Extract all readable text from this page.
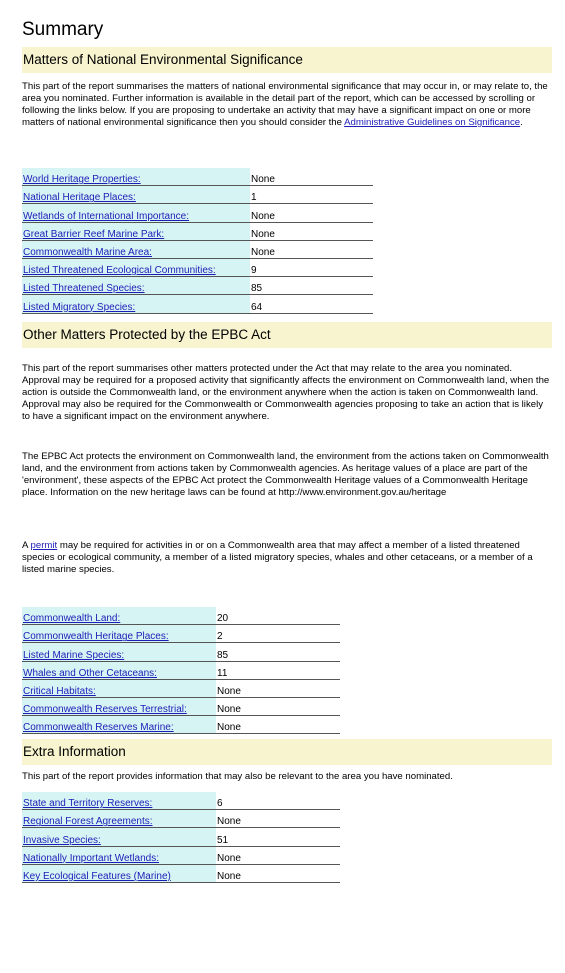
Summary
Matters of National Environmental Significance

This part of the report summarises the matters of national environmental significance that may occur in, or may relate to, the area you nominated. Further information is available in the detail part of the report, which can be accessed by scrolling or following the links below. If you are proposing to undertake an activity that may have a significant impact on one or more matters of national environmental significance then you should consider the Administrative Guidelines on Significance.

World Heritage Properties:	None
National Heritage Places:	1
Wetlands of International Importance:	None
Great Barrier Reef Marine Park:	None
Commonwealth Marine Area:	None
Listed Threatened Ecological Communities:	9
Listed Threatened Species:	85
Listed Migratory Species:	64
Other Matters Protected by the EPBC Act

This part of the report summarises other matters protected under the Act that may relate to the area you nominated. Approval may be required for a proposed activity that significantly affects the environment on Commonwealth land, when the action is outside the Commonwealth land, or the environment anywhere when the action is taken on Commonwealth land. Approval may also be required for the Commonwealth or Commonwealth agencies proposing to take an action that is likely to have a significant impact on the environment anywhere.

The EPBC Act protects the environment on Commonwealth land, the environment from the actions taken on Commonwealth land, and the environment from actions taken by Commonwealth agencies. As heritage values of a place are part of the 'environment', these aspects of the EPBC Act protect the Commonwealth Heritage values of a Commonwealth Heritage place. Information on the new heritage laws can be found at http://www.environment.gov.au/heritage

A permit may be required for activities in or on a Commonwealth area that may affect a member of a listed threatened species or ecological community, a member of a listed migratory species, whales and other cetaceans, or a member of a listed marine species.

Commonwealth Land:	20
Commonwealth Heritage Places:	2
Listed Marine Species:	85
Whales and Other Cetaceans:	11
Critical Habitats:	None
Commonwealth Reserves Terrestrial:	None
Commonwealth Reserves Marine:	None
Extra Information

This part of the report provides information that may also be relevant to the area you have nominated.

State and Territory Reserves:	6
Regional Forest Agreements:	None
Invasive Species:	51
Nationally Important Wetlands:	None
Key Ecological Features (Marine)	None
